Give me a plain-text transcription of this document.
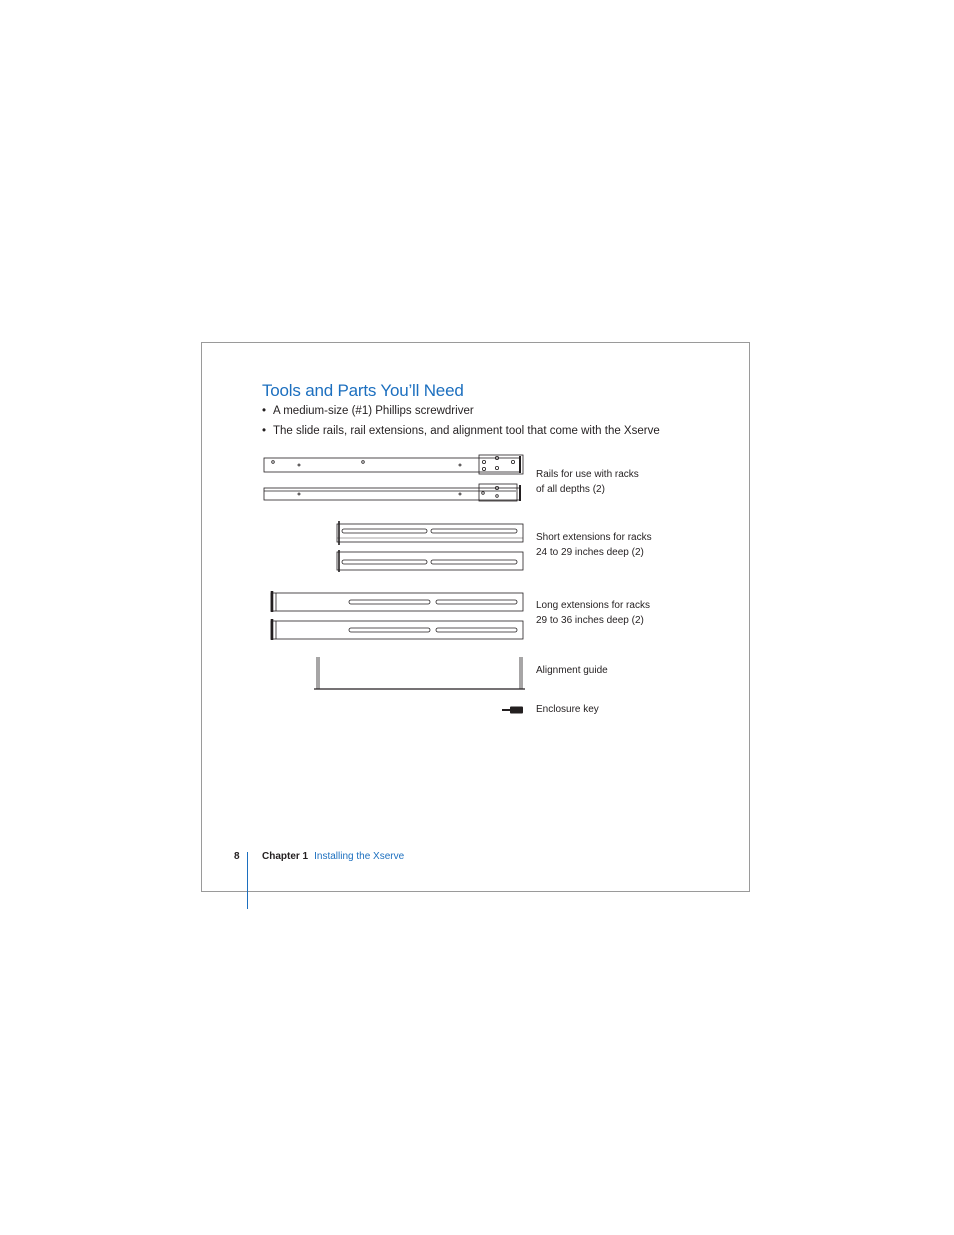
Tools and Parts You’ll Need
• A medium-size (#1) Phillips screwdriver
• The slide rails, rail extensions, and alignment tool that come with the Xserve
Rails for use with racks
of all depths (2)
Short extensions for racks
24 to 29 inches deep (2)
Long extensions for racks
29 to 36 inches deep (2)
Alignment guide
Enclosure key
8 Chapter 1 Installing the Xserve
